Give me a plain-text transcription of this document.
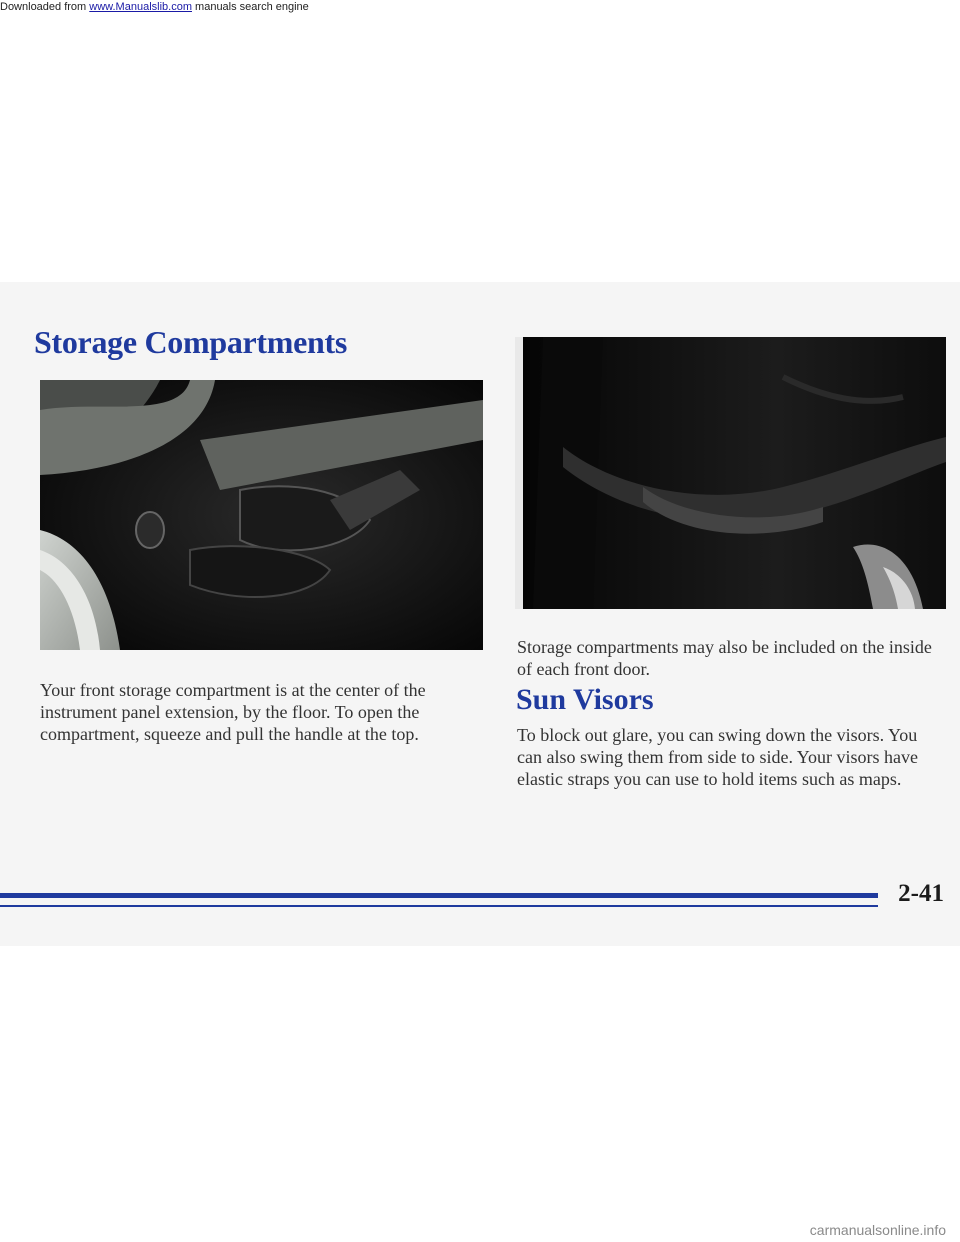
Downloaded from www.Manualslib.com manuals search engine
Storage Compartments

Your front storage compartment is at the center of the instrument panel extension, by the floor. To open the compartment, squeeze and pull the handle at the top.

Storage compartments may also be included on the inside of each front door.

Sun Visors

To block out glare, you can swing down the visors. You can also swing them from side to side. Your visors have elastic straps you can use to hold items such as maps.

2-41

carmanualsonline.info
